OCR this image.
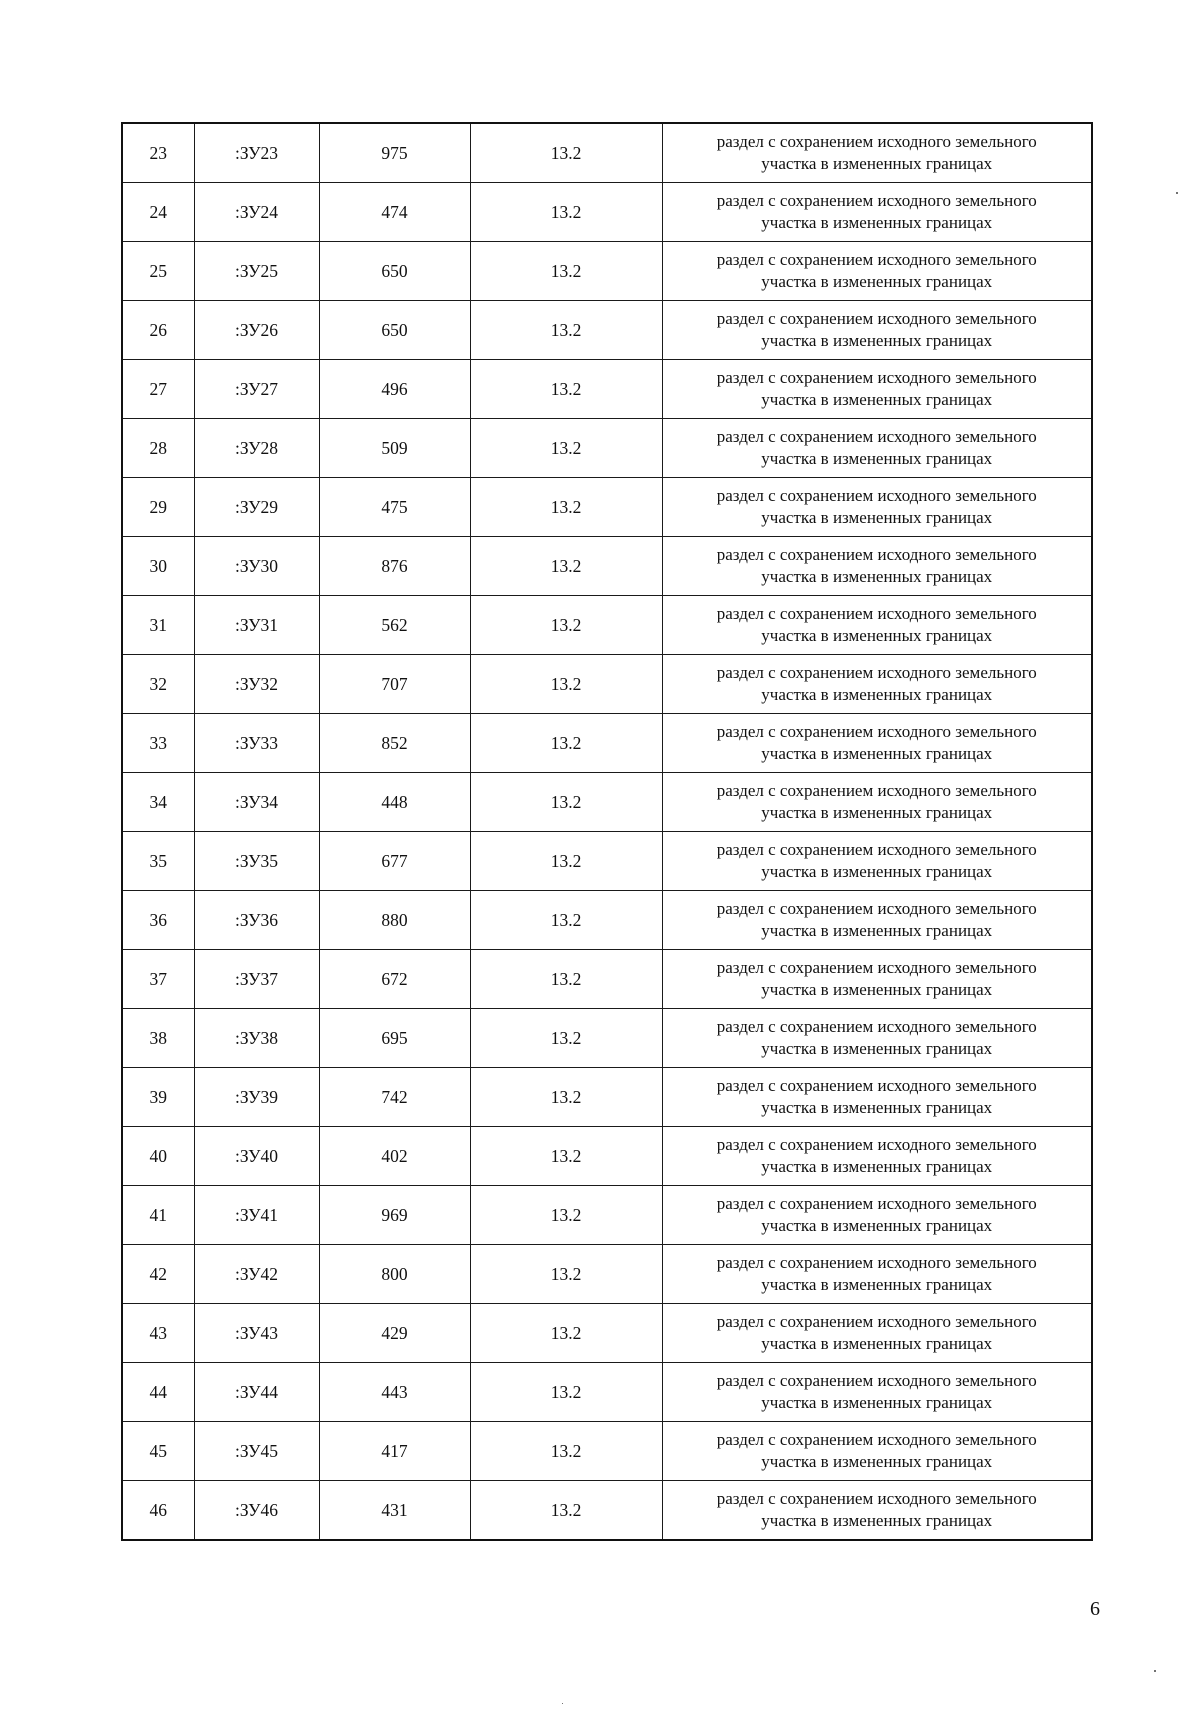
23	:ЗУ23	975	13.2	раздел с сохранением исходного земельного
участка в измененных границах

24	:ЗУ24	474	13.2	раздел с сохранением исходного земельного
участка в измененных границах

25	:ЗУ25	650	13.2	раздел с сохранением исходного земельного
участка в измененных границах

26	:ЗУ26	650	13.2	раздел с сохранением исходного земельного
участка в измененных границах

27	:ЗУ27	496	13.2	раздел с сохранением исходного земельного
участка в измененных границах

28	:ЗУ28	509	13.2	раздел с сохранением исходного земельного
участка в измененных границах

29	:ЗУ29	475	13.2	раздел с сохранением исходного земельного
участка в измененных границах

30	:ЗУ30	876	13.2	раздел с сохранением исходного земельного
участка в измененных границах

31	:ЗУ31	562	13.2	раздел с сохранением исходного земельного
участка в измененных границах

32	:ЗУ32	707	13.2	раздел с сохранением исходного земельного
участка в измененных границах

33	:ЗУ33	852	13.2	раздел с сохранением исходного земельного
участка в измененных границах

34	:ЗУ34	448	13.2	раздел с сохранением исходного земельного
участка в измененных границах

35	:ЗУ35	677	13.2	раздел с сохранением исходного земельного
участка в измененных границах

36	:ЗУ36	880	13.2	раздел с сохранением исходного земельного
участка в измененных границах

37	:ЗУ37	672	13.2	раздел с сохранением исходного земельного
участка в измененных границах

38	:ЗУ38	695	13.2	раздел с сохранением исходного земельного
участка в измененных границах

39	:ЗУ39	742	13.2	раздел с сохранением исходного земельного
участка в измененных границах

40	:ЗУ40	402	13.2	раздел с сохранением исходного земельного
участка в измененных границах

41	:ЗУ41	969	13.2	раздел с сохранением исходного земельного
участка в измененных границах

42	:ЗУ42	800	13.2	раздел с сохранением исходного земельного
участка в измененных границах

43	:ЗУ43	429	13.2	раздел с сохранением исходного земельного
участка в измененных границах

44	:ЗУ44	443	13.2	раздел с сохранением исходного земельного
участка в измененных границах

45	:ЗУ45	417	13.2	раздел с сохранением исходного земельного
участка в измененных границах

46	:ЗУ46	431	13.2	раздел с сохранением исходного земельного
участка в измененных границах
6
